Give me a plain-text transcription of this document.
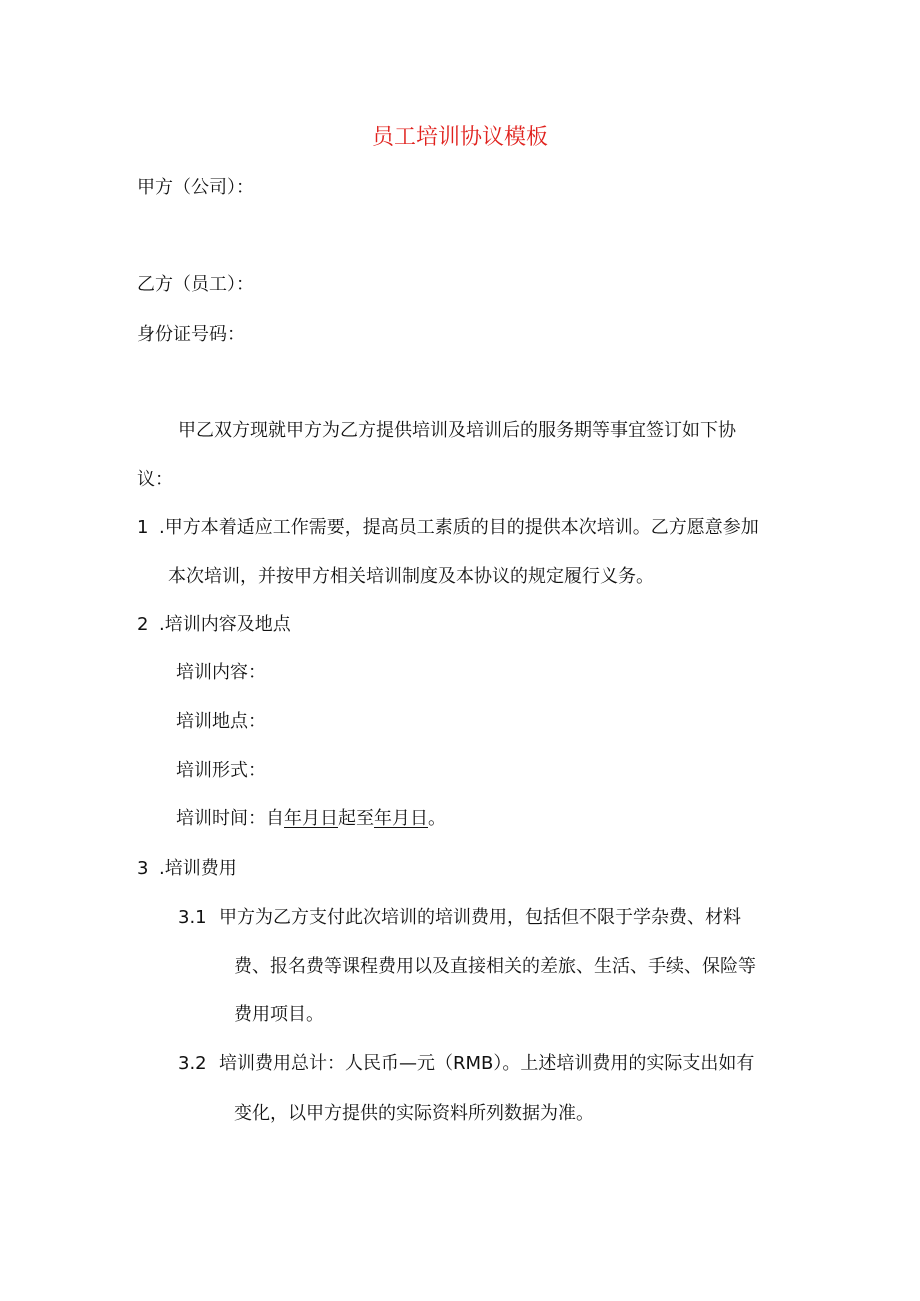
员工培训协议模板
甲方（公司）：
乙方（员工）：
身份证号码：
甲乙双方现就甲方为乙方提供培训及培训后的服务期等事宜签订如下协
议：
1 .甲方本着适应工作需要，提高员工素质的目的提供本次培训。乙方愿意参加
本次培训，并按甲方相关培训制度及本协议的规定履行义务。
2 .培训内容及地点
培训内容：
培训地点：
培训形式：
培训时间：自年月日起至年月日。
3 .培训费用
3.1 甲方为乙方支付此次培训的培训费用，包括但不限于学杂费、材料
费、报名费等课程费用以及直接相关的差旅、生活、手续、保险等
费用项目。
3.2 培训费用总计：人民币—元（RMB）。上述培训费用的实际支出如有
变化，以甲方提供的实际资料所列数据为准。
